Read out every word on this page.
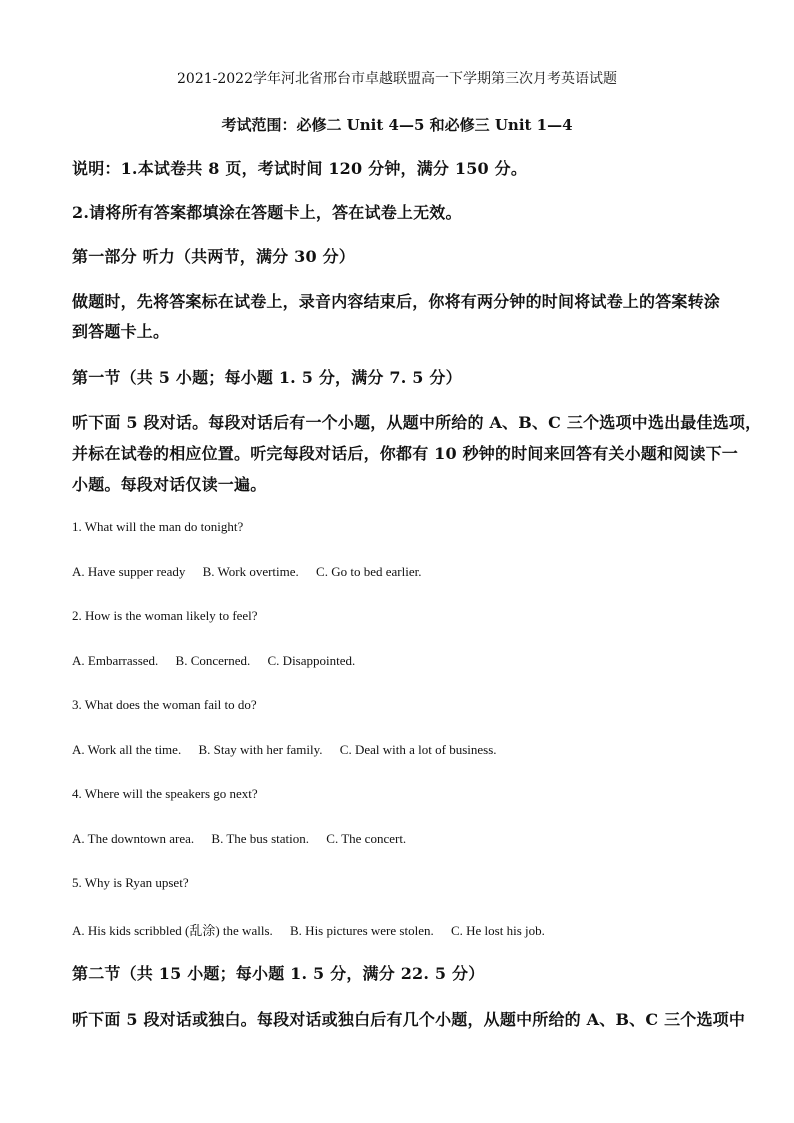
2021-2022学年河北省邢台市卓越联盟高一下学期第三次月考英语试题
考试范围：必修二 Unit 4—5 和必修三 Unit 1—4
说明：1.本试卷共 8 页，考试时间 120 分钟，满分 150 分。
2.请将所有答案都填涂在答题卡上，答在试卷上无效。
第一部分 听力（共两节，满分 30 分）
做题时，先将答案标在试卷上，录音内容结束后，你将有两分钟的时间将试卷上的答案转涂
到答题卡上。
第一节（共 5 小题；每小题 1. 5 分，满分 7. 5 分）
听下面 5 段对话。每段对话后有一个小题，从题中所给的 A、B、C 三个选项中选出最佳选项，
并标在试卷的相应位置。听完每段对话后，你都有 10 秒钟的时间来回答有关小题和阅读下一
小题。每段对话仅读一遍。
1. What will the man do tonight?
A. Have supper ready B. Work overtime. C. Go to bed earlier.
2. How is the woman likely to feel?
A. Embarrassed. B. Concerned. C. Disappointed.
3. What does the woman fail to do?
A. Work all the time. B. Stay with her family. C. Deal with a lot of business.
4. Where will the speakers go next?
A. The downtown area. B. The bus station. C. The concert.
5. Why is Ryan upset?
A. His kids scribbled (乱涂) the walls. B. His pictures were stolen. C. He lost his job.
第二节（共 15 小题；每小题 1. 5 分，满分 22. 5 分）
听下面 5 段对话或独白。每段对话或独白后有几个小题，从题中所给的 A、B、C 三个选项中
